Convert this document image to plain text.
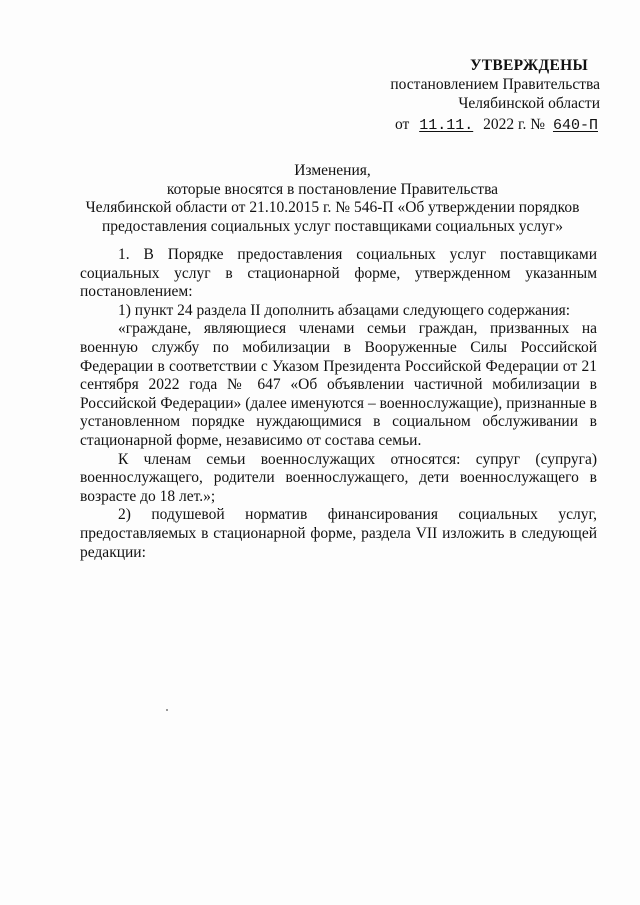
УТВЕРЖДЕНЫ
постановлением Правительства
Челябинской области
от 11.11. 2022 г. № 640-П
Изменения,
которые вносятся в постановление Правительства
Челябинской области от 21.10.2015 г. № 546-П «Об утверждении порядков
предоставления социальных услуг поставщиками социальных услуг»

1. В Порядке предоставления социальных услуг поставщиками социальных услуг в стационарной форме, утвержденном указанным постановлением:

1) пункт 24 раздела II дополнить абзацами следующего содержания:

«граждане, являющиеся членами семьи граждан, призванных на военную службу по мобилизации в Вооруженные Силы Российской Федерации в соответствии с Указом Президента Российской Федерации от 21 сентября 2022 года № 647 «Об объявлении частичной мобилизации в Российской Федерации» (далее именуются – военнослужащие), признанные в установленном порядке нуждающимися в социальном обслуживании в стационарной форме, независимо от состава семьи.

К членам семьи военнослужащих относятся: супруг (супруга) военнослужащего, родители военнослужащего, дети военнослужащего в возрасте до 18 лет.»;

2) подушевой норматив финансирования социальных услуг, предоставляемых в стационарной форме, раздела VII изложить в следующей редакции:
